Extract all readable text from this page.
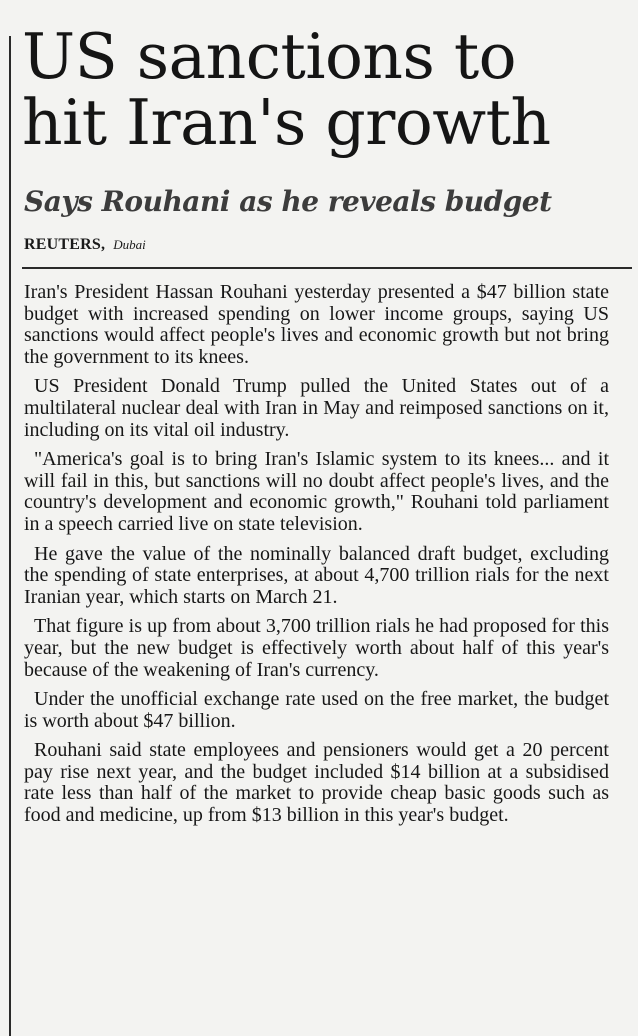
US sanctions to
hit Iran's growth
Says Rouhani as he reveals budget
REUTERS, Dubai

Iran's President Hassan Rouhani yesterday presented a $47 billion state budget with increased spending on lower income groups, saying US sanctions would affect people's lives and economic growth but not bring the government to its knees.

US President Donald Trump pulled the United States out of a multilateral nuclear deal with Iran in May and reimposed sanctions on it, including on its vital oil industry.

"America's goal is to bring Iran's Islamic system to its knees... and it will fail in this, but sanctions will no doubt affect people's lives, and the country's development and economic growth," Rouhani told parliament in a speech carried live on state television.

He gave the value of the nominally balanced draft budget, excluding the spending of state enterprises, at about 4,700 trillion rials for the next Iranian year, which starts on March 21.

That figure is up from about 3,700 trillion rials he had proposed for this year, but the new budget is effectively worth about half of this year's because of the weakening of Iran's currency.

Under the unofficial exchange rate used on the free market, the budget is worth about $47 billion.

Rouhani said state employees and pensioners would get a 20 percent pay rise next year, and the budget included $14 billion at a subsidised rate less than half of the market to provide cheap basic goods such as food and medicine, up from $13 billion in this year's budget.
